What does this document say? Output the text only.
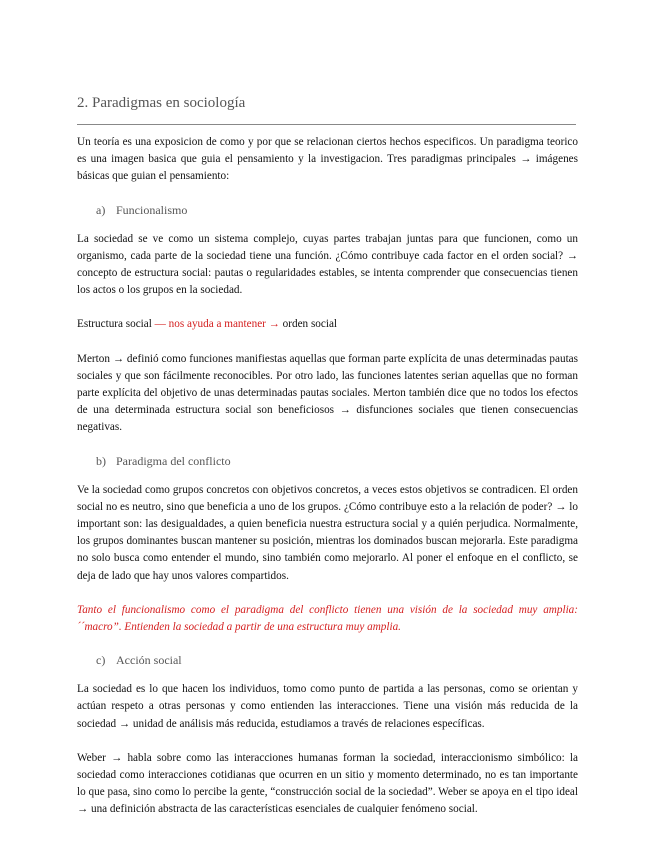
2. Paradigmas en sociología

Un teoría es una exposicion de como y por que se relacionan ciertos hechos especificos. Un paradigma teorico es una imagen basica que guia el pensamiento y la investigacion. Tres paradigmas principales → imágenes básicas que guian el pensamiento:

a) Funcionalismo

La sociedad se ve como un sistema complejo, cuyas partes trabajan juntas para que funcionen, como un organismo, cada parte de la sociedad tiene una función. ¿Cómo contribuye cada factor en el orden social? → concepto de estructura social: pautas o regularidades estables, se intenta comprender que consecuencias tienen los actos o los grupos en la sociedad.

Estructura social — nos ayuda a mantener → orden social

Merton → definió como funciones manifiestas aquellas que forman parte explícita de unas determinadas pautas sociales y que son fácilmente reconocibles. Por otro lado, las funciones latentes serian aquellas que no forman parte explícita del objetivo de unas determinadas pautas sociales. Merton también dice que no todos los efectos de una determinada estructura social son beneficiosos → disfunciones sociales que tienen consecuencias negativas.

b) Paradigma del conflicto

Ve la sociedad como grupos concretos con objetivos concretos, a veces estos objetivos se contradicen. El orden social no es neutro, sino que beneficia a uno de los grupos. ¿Cómo contribuye esto a la relación de poder? → lo important son: las desigualdades, a quien beneficia nuestra estructura social y a quién perjudica. Normalmente, los grupos dominantes buscan mantener su posición, mientras los dominados buscan mejorarla. Este paradigma no solo busca como entender el mundo, sino también como mejorarlo. Al poner el enfoque en el conflicto, se deja de lado que hay unos valores compartidos.

Tanto el funcionalismo como el paradigma del conflicto tienen una visión de la sociedad muy amplia: ´´macro”. Entienden la sociedad a partir de una estructura muy amplia.

c) Acción social

La sociedad es lo que hacen los individuos, tomo como punto de partida a las personas, como se orientan y actúan respeto a otras personas y como entienden las interacciones. Tiene una visión más reducida de la sociedad → unidad de análisis más reducida, estudiamos a través de relaciones específicas.

Weber → habla sobre como las interacciones humanas forman la sociedad, interaccionismo simbólico: la sociedad como interacciones cotidianas que ocurren en un sitio y momento determinado, no es tan importante lo que pasa, sino como lo percibe la gente, “construcción social de la sociedad”. Weber se apoya en el tipo ideal → una definición abstracta de las características esenciales de cualquier fenómeno social.
